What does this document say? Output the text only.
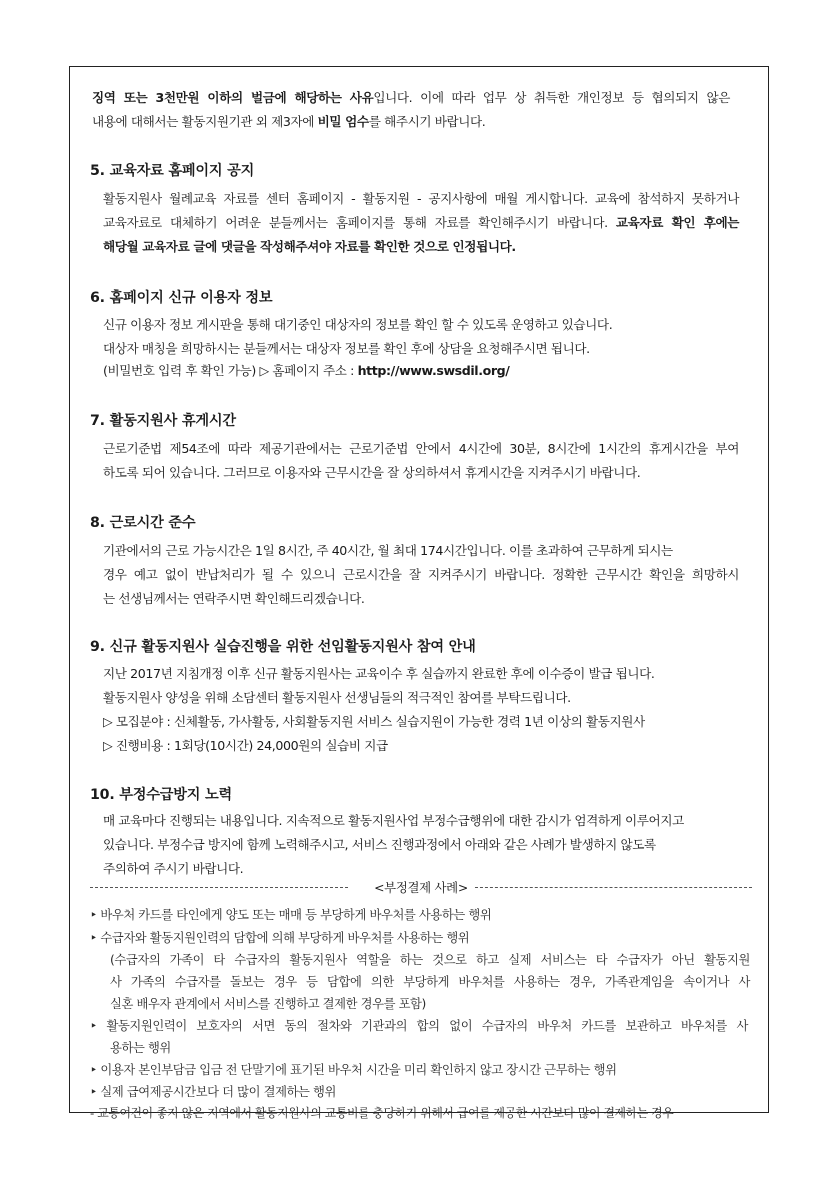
징역 또는 3천만원 이하의 벌금에 해당하는 사유입니다. 이에 따라 업무 상 취득한 개인정보 등 협의되지 않은
내용에 대해서는 활동지원기관 외 제3자에 비밀 엄수를 해주시기 바랍니다.
5. 교육자료 홈페이지 공지
활동지원사 월례교육 자료를 센터 홈페이지 - 활동지원 - 공지사항에 매월 게시합니다. 교육에 참석하지 못하거나
교육자료로 대체하기 어려운 분들께서는 홈페이지를 통해 자료를 확인해주시기 바랍니다. 교육자료 확인 후에는
해당월 교육자료 글에 댓글을 작성해주셔야 자료를 확인한 것으로 인정됩니다.
6. 홈페이지 신규 이용자 정보
신규 이용자 정보 게시판을 통해 대기중인 대상자의 정보를 확인 할 수 있도록 운영하고 있습니다.
대상자 매칭을 희망하시는 분들께서는 대상자 정보를 확인 후에 상담을 요청해주시면 됩니다.
(비밀번호 입력 후 확인 가능) ▷ 홈페이지 주소 : http://www.swsdil.org/
7. 활동지원사 휴게시간
근로기준법 제54조에 따라 제공기관에서는 근로기준법 안에서 4시간에 30분, 8시간에 1시간의 휴게시간을 부여
하도록 되어 있습니다. 그러므로 이용자와 근무시간을 잘 상의하셔서 휴게시간을 지켜주시기 바랍니다.
8. 근로시간 준수
기관에서의 근로 가능시간은 1일 8시간, 주 40시간, 월 최대 174시간입니다. 이를 초과하여 근무하게 되시는
경우 예고 없이 반납처리가 될 수 있으니 근로시간을 잘 지켜주시기 바랍니다. 정확한 근무시간 확인을 희망하시
는 선생님께서는 연락주시면 확인해드리겠습니다.
9. 신규 활동지원사 실습진행을 위한 선임활동지원사 참여 안내
지난 2017년 지침개정 이후 신규 활동지원사는 교육이수 후 실습까지 완료한 후에 이수증이 발급 됩니다.
활동지원사 양성을 위해 소담센터 활동지원사 선생님들의 적극적인 참여를 부탁드립니다.
▷ 모집분야 : 신체활동, 가사활동, 사회활동지원 서비스 실습지원이 가능한 경력 1년 이상의 활동지원사
▷ 진행비용 : 1회당(10시간) 24,000원의 실습비 지급
10. 부정수급방지 노력
매 교육마다 진행되는 내용입니다. 지속적으로 활동지원사업 부정수급행위에 대한 감시가 엄격하게 이루어지고
있습니다. 부정수급 방지에 함께 노력해주시고, 서비스 진행과정에서 아래와 같은 사례가 발생하지 않도록
주의하여 주시기 바랍니다.
<부정결제 사례>
‣ 바우처 카드를 타인에게 양도 또는 매매 등 부당하게 바우처를 사용하는 행위
‣ 수급자와 활동지원인력의 담합에 의해 부당하게 바우처를 사용하는 행위
(수급자의 가족이 타 수급자의 활동지원사 역할을 하는 것으로 하고 실제 서비스는 타 수급자가 아닌 활동지원
사 가족의 수급자를 돌보는 경우 등 담합에 의한 부당하게 바우처를 사용하는 경우, 가족관계임을 속이거나 사
실혼 배우자 관계에서 서비스를 진행하고 결제한 경우를 포함)
‣ 활동지원인력이 보호자의 서면 동의 절차와 기관과의 합의 없이 수급자의 바우처 카드를 보관하고 바우처를 사
용하는 행위
‣ 이용자 본인부담금 입금 전 단말기에 표기된 바우처 시간을 미리 확인하지 않고 장시간 근무하는 행위
‣ 실제 급여제공시간보다 더 많이 결제하는 행위
- 교통여건이 좋지 않은 지역에서 활동지원사의 교통비를 충당하기 위해서 급여를 제공한 시간보다 많이 결제하는 경우
